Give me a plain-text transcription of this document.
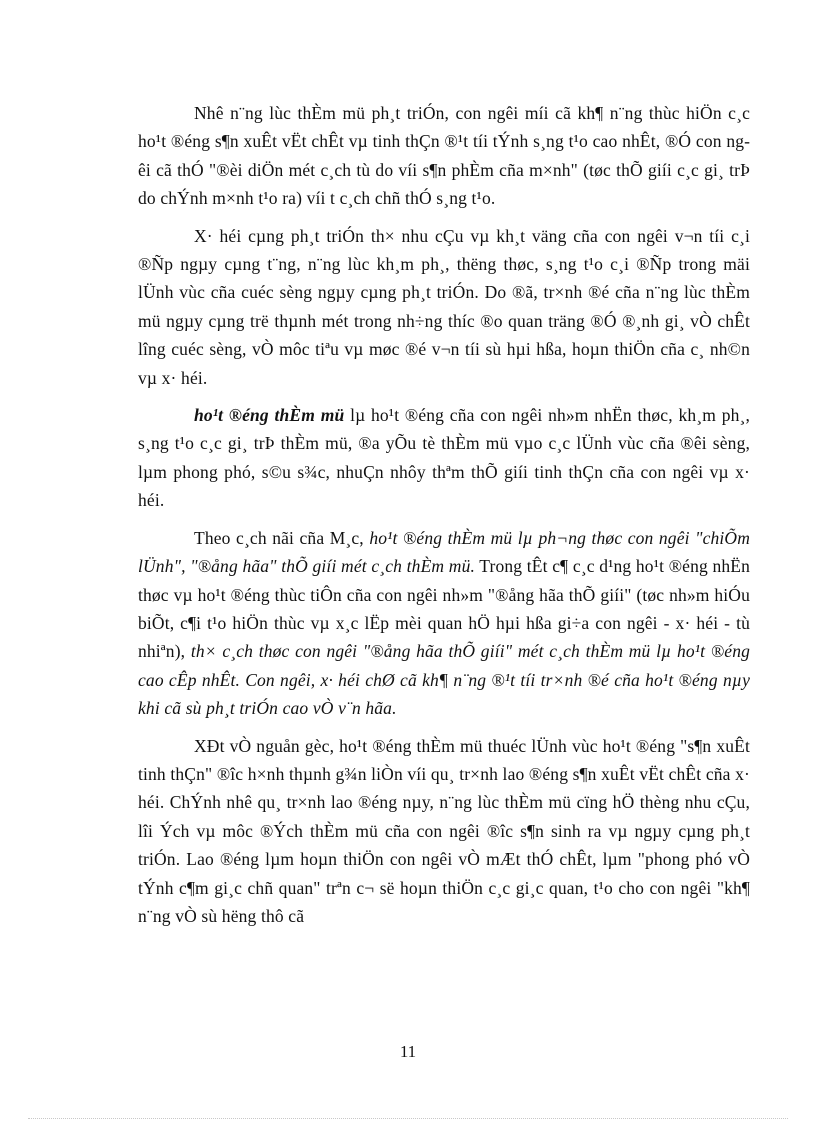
Nhê n¨ng lùc thÈm mü ph¸t triÓn, con ngêi míi cã kh¶ n¨ng thùc hiÖn c¸c ho¹t ®éng s¶n xuÊt vËt chÊt vµ tinh thÇn ®¹t tíi tÝnh s¸ng t¹o cao nhÊt, ®Ó con ngêi cã thÓ "®èi diÖn mét c¸ch tù do víi s¶n phÈm cña m×nh" (tøc thÕ giíi c¸c gi¸ trÞ do chÝnh m×nh t¹o ra) víi t c¸ch chñ thÓ s¸ng t¹o.

X· héi cµng ph¸t triÓn th× nhu cÇu vµ kh¸t väng cña con ngêi v¬n tíi c¸i ®Ñp ngµy cµng t¨ng, n¨ng lùc kh¸m ph¸, thëng thøc, s¸ng t¹o c¸i ®Ñp trong mäi lÜnh vùc cña cuéc sèng ngµy cµng ph¸t triÓn. Do ®ã, tr×nh ®é cña n¨ng lùc thÈm mü ngµy cµng trë thµnh mét trong nh÷ng thíc ®o quan träng ®Ó ®¸nh gi¸ vÒ chÊt lîng cuéc sèng, vÒ môc tiªu vµ møc ®é v¬n tíi sù hµi hßa, hoµn thiÖn cña c¸ nh©n vµ x· héi.

ho¹t ®éng thÈm mü lµ ho¹t ®éng cña con ngêi nh»m nhËn thøc, kh¸m ph¸, s¸ng t¹o c¸c gi¸ trÞ thÈm mü, ®a yÕu tè thÈm mü vµo c¸c lÜnh vùc cña ®êi sèng, lµm phong phó, s©u s¾c, nhuÇn nhôy thªm thÕ giíi tinh thÇn cña con ngêi vµ x· héi.

Theo c¸ch nãi cña M¸c, ho¹t ®éng thÈm mü lµ ph¬ng thøc con ngêi "chiÕm lÜnh", "®ång hãa" thÕ giíi mét c¸ch thÈm mü. Trong tÊt c¶ c¸c d¹ng ho¹t ®éng nhËn thøc vµ ho¹t ®éng thùc tiÔn cña con ngêi nh»m "®ång hãa thÕ giíi" (tøc nh»m hiÓu biÕt, c¶i t¹o hiÖn thùc vµ x¸c lËp mèi quan hÖ hµi hßa gi÷a con ngêi - x· héi - tù nhiªn), th× c¸ch thøc con ngêi "®ång hãa thÕ giíi" mét c¸ch thÈm mü lµ ho¹t ®éng cao cÊp nhÊt. Con ngêi, x· héi chØ cã kh¶ n¨ng ®¹t tíi tr×nh ®é cña ho¹t ®éng nµy khi cã sù ph¸t triÓn cao vÒ v¨n hãa.

XÐt vÒ nguån gèc, ho¹t ®éng thÈm mü thuéc lÜnh vùc ho¹t ®éng "s¶n xuÊt tinh thÇn" ®îc h×nh thµnh g¾n liÒn víi qu¸ tr×nh lao ®éng s¶n xuÊt vËt chÊt cña x· héi. ChÝnh nhê qu¸ tr×nh lao ®éng nµy, n¨ng lùc thÈm mü cïng hÖ thèng nhu cÇu, lîi Ých vµ môc ®Ých thÈm mü cña con ngêi ®îc s¶n sinh ra vµ ngµy cµng ph¸t triÓn. Lao ®éng lµm hoµn thiÖn con ngêi vÒ mÆt thÓ chÊt, lµm "phong phó vÒ tÝnh c¶m gi¸c chñ quan" trªn c¬ së hoµn thiÖn c¸c gi¸c quan, t¹o cho con ngêi "kh¶ n¨ng vÒ sù hëng thô cã

11
